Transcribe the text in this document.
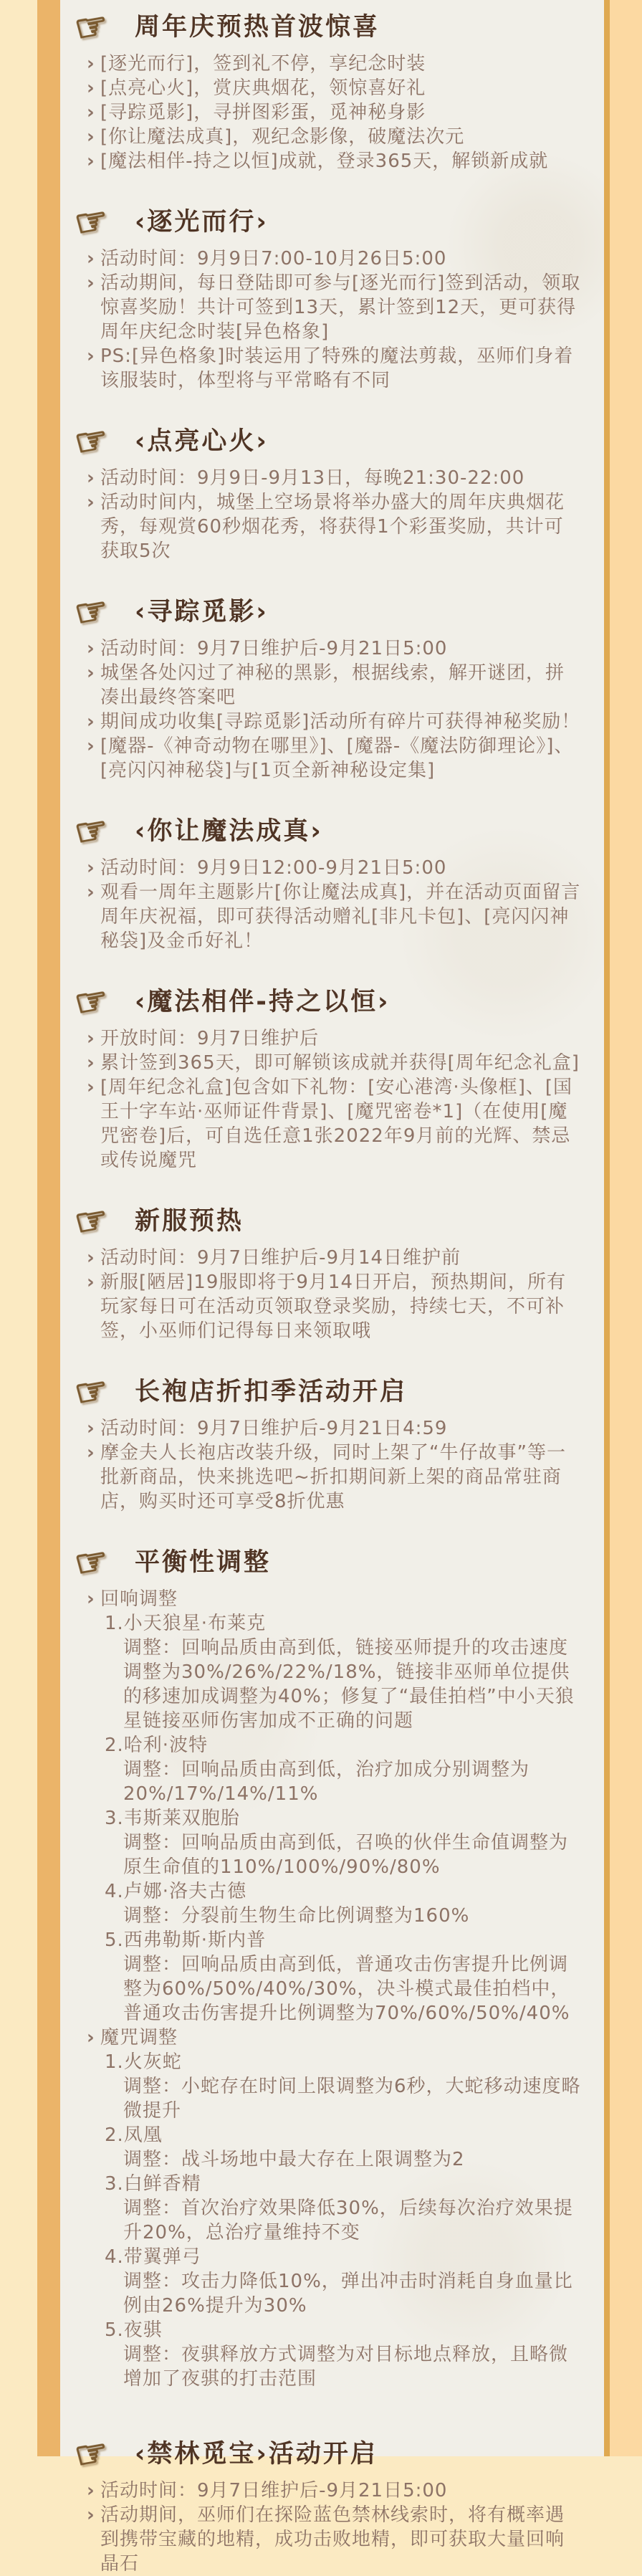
☞ 周年庆预热首波惊喜
› [逐光而行]，签到礼不停，享纪念时装
› [点亮心火]，赏庆典烟花，领惊喜好礼
› [寻踪觅影]，寻拼图彩蛋，觅神秘身影
› [你让魔法成真]，观纪念影像，破魔法次元
› [魔法相伴-持之以恒]成就，登录365天，解锁新成就
☞ ‹逐光而行›
› 活动时间：9月9日7:00-10月26日5:00
› 活动期间，每日登陆即可参与[逐光而行]签到活动，领取惊喜奖励！共计可签到13天，累计签到12天，更可获得周年庆纪念时装[异色格象]
› PS:[异色格象]时装运用了特殊的魔法剪裁，巫师们身着该服装时，体型将与平常略有不同
☞ ‹点亮心火›
› 活动时间：9月9日-9月13日，每晚21:30-22:00
› 活动时间内，城堡上空场景将举办盛大的周年庆典烟花秀，每观赏60秒烟花秀，将获得1个彩蛋奖励，共计可获取5次
☞ ‹寻踪觅影›
› 活动时间：9月7日维护后-9月21日5:00
› 城堡各处闪过了神秘的黑影，根据线索，解开谜团，拼凑出最终答案吧
› 期间成功收集[寻踪觅影]活动所有碎片可获得神秘奖励！
› [魔器-《神奇动物在哪里》]、[魔器-《魔法防御理论》]、[亮闪闪神秘袋]与[1页全新神秘设定集]
☞ ‹你让魔法成真›
› 活动时间：9月9日12:00-9月21日5:00
› 观看一周年主题影片[你让魔法成真]，并在活动页面留言周年庆祝福，即可获得活动赠礼[非凡卡包]、[亮闪闪神秘袋]及金币好礼！
☞ ‹魔法相伴-持之以恒›
› 开放时间：9月7日维护后
› 累计签到365天，即可解锁该成就并获得[周年纪念礼盒]
› [周年纪念礼盒]包含如下礼物：[安心港湾·头像框]、[国王十字车站·巫师证件背景]、[魔咒密卷*1]（在使用[魔咒密卷]后，可自选任意1张2022年9月前的光辉、禁忌或传说魔咒
☞ 新服预热
› 活动时间：9月7日维护后-9月14日维护前
› 新服[陋居]19服即将于9月14日开启，预热期间，所有玩家每日可在活动页领取登录奖励，持续七天，不可补签，小巫师们记得每日来领取哦
☞ 长袍店折扣季活动开启
› 活动时间：9月7日维护后-9月21日4:59
› 摩金夫人长袍店改装升级，同时上架了“牛仔故事”等一批新商品，快来挑选吧~折扣期间新上架的商品常驻商店，购买时还可享受8折优惠
☞ 平衡性调整
› 回响调整
1.小天狼星·布莱克
调整：回响品质由高到低，链接巫师提升的攻击速度调整为30%/26%/22%/18%，链接非巫师单位提供的移速加成调整为40%；修复了“最佳拍档”中小天狼星链接巫师伤害加成不正确的问题
2.哈利·波特
调整：回响品质由高到低，治疗加成分别调整为20%/17%/14%/11%
3.韦斯莱双胞胎
调整：回响品质由高到低，召唤的伙伴生命值调整为原生命值的110%/100%/90%/80%
4.卢娜·洛夫古德
调整：分裂前生物生命比例调整为160%
5.西弗勒斯·斯内普
调整：回响品质由高到低，普通攻击伤害提升比例调整为60%/50%/40%/30%，决斗模式最佳拍档中，普通攻击伤害提升比例调整为70%/60%/50%/40%
› 魔咒调整
1.火灰蛇
调整：小蛇存在时间上限调整为6秒，大蛇移动速度略微提升
2.凤凰
调整：战斗场地中最大存在上限调整为2
3.白鲜香精
调整：首次治疗效果降低30%，后续每次治疗效果提升20%，总治疗量维持不变
4.带翼弹弓
调整：攻击力降低10%，弹出冲击时消耗自身血量比例由26%提升为30%
5.夜骐
调整：夜骐释放方式调整为对目标地点释放，且略微增加了夜骐的打击范围
☞ ‹禁林觅宝›活动开启
› 活动时间：9月7日维护后-9月21日5:00
› 活动期间，巫师们在探险蓝色禁林线索时，将有概率遇到携带宝藏的地精，成功击败地精，即可获取大量回响晶石
